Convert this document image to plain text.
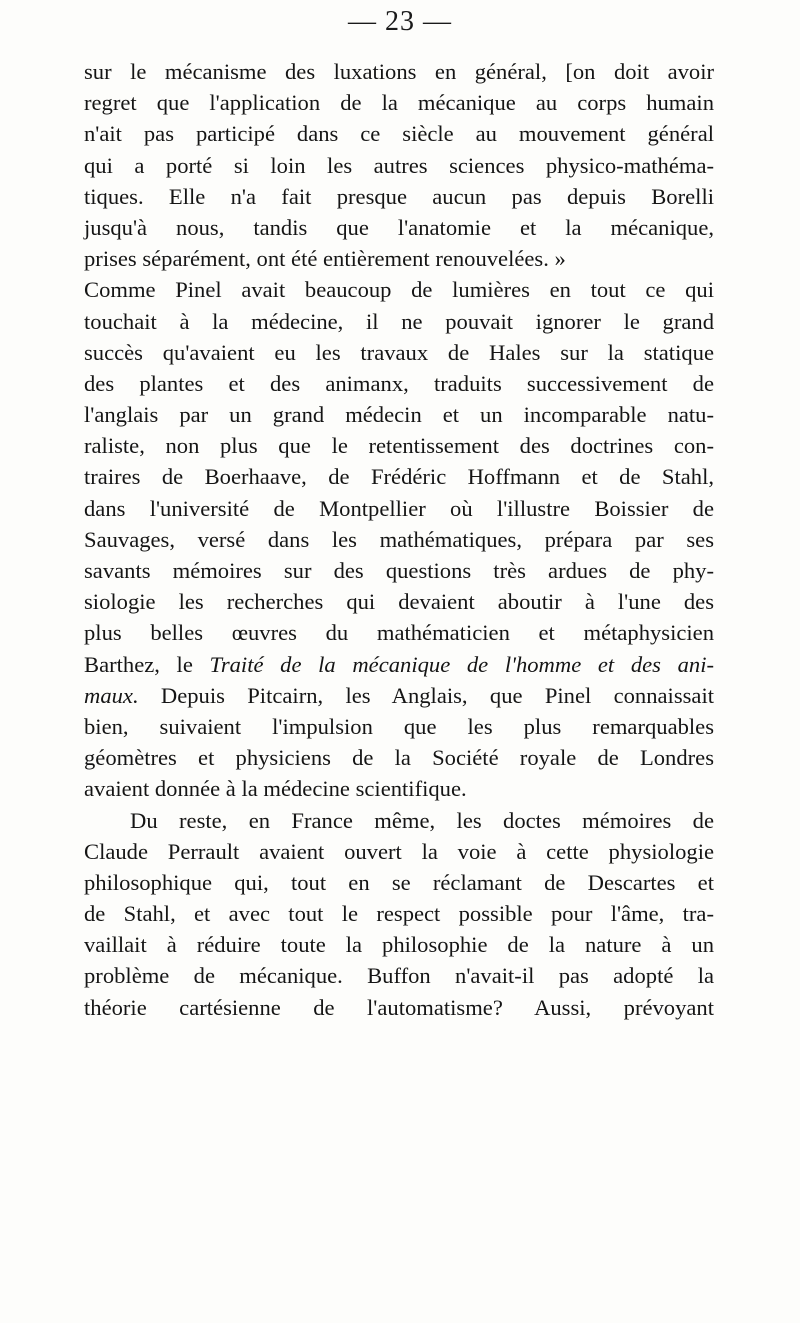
— 23 —
sur le mécanisme des luxations en général, [on doit avoir
regret que l'application de la mécanique au corps humain
n'ait pas participé dans ce siècle au mouvement général
qui a porté si loin les autres sciences physico-mathéma-
tiques. Elle n'a fait presque aucun pas depuis Borelli
jusqu'à nous, tandis que l'anatomie et la mécanique,
prises séparément, ont été entièrement renouvelées. »
Comme Pinel avait beaucoup de lumières en tout ce qui
touchait à la médecine, il ne pouvait ignorer le grand
succès qu'avaient eu les travaux de Hales sur la statique
des plantes et des animanx, traduits successivement de
l'anglais par un grand médecin et un incomparable natu-
raliste, non plus que le retentissement des doctrines con-
traires de Boerhaave, de Frédéric Hoffmann et de Stahl,
dans l'université de Montpellier où l'illustre Boissier de
Sauvages, versé dans les mathématiques, prépara par ses
savants mémoires sur des questions très ardues de phy-
siologie les recherches qui devaient aboutir à l'une des
plus belles œuvres du mathématicien et métaphysicien
Barthez, le Traité de la mécanique de l'homme et des ani-
maux. Depuis Pitcairn, les Anglais, que Pinel connaissait
bien, suivaient l'impulsion que les plus remarquables
géomètres et physiciens de la Société royale de Londres
avaient donnée à la médecine scientifique.
Du reste, en France même, les doctes mémoires de
Claude Perrault avaient ouvert la voie à cette physiologie
philosophique qui, tout en se réclamant de Descartes et
de Stahl, et avec tout le respect possible pour l'âme, tra-
vaillait à réduire toute la philosophie de la nature à un
problème de mécanique. Buffon n'avait-il pas adopté la
théorie cartésienne de l'automatisme? Aussi, prévoyant
